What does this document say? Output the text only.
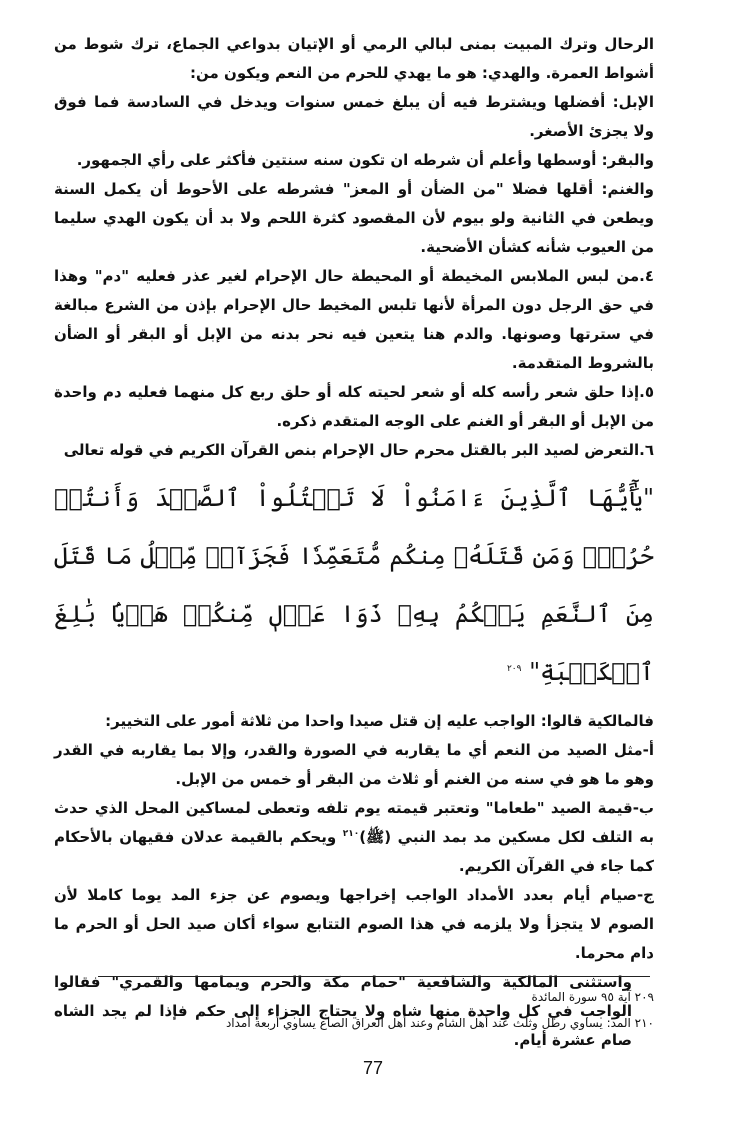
الرحال وترك المبيت بمنى لبالي الرمي أو الإتيان بدواعي الجماع، ترك شوط من أشواط العمرة. والهدي: هو ما يهدي للحرم من النعم ويكون من:

الإبل: أفضلها ويشترط فيه أن يبلغ خمس سنوات ويدخل في السادسة فما فوق ولا يجزئ الأصغر.

والبقر: أوسطها وأعلم أن شرطه ان تكون سنه سنتين فأكثر على رأي الجمهور.

والغنم: أقلها فضلا "من الضأن أو المعز" فشرطه على الأحوط أن يكمل السنة ويطعن في الثانية ولو بيوم لأن المقصود كثرة اللحم ولا بد أن يكون الهدي سليما من العيوب شأنه كشأن الأضحية.

٤.من لبس الملابس المخيطة أو المحيطة حال الإحرام لغير عذر فعليه "دم" وهذا في حق الرجل دون المرأة لأنها تلبس المخيط حال الإحرام بإذن من الشرع مبالغة في سترتها وصونها. والدم هنا يتعين فيه نحر بدنه من الإبل أو البقر أو الضأن بالشروط المتقدمة.

٥.إذا حلق شعر رأسه كله أو شعر لحيته كله أو حلق ربع كل منهما فعليه دم واحدة من الإبل أو البقر أو الغنم على الوجه المتقدم ذكره.

٦.التعرض لصيد البر بالقتل محرم حال الإحرام بنص القرآن الكريم في قوله تعالى

"يَٰٓأَيُّهَا ٱلَّذِينَ ءَامَنُواْ لَا تَقۡتُلُواْ ٱلصَّيۡدَ وَأَنتُمۡ حُرُمٞۚ وَمَن قَتَلَهُۥ مِنكُم مُّتَعَمِّدٗا فَجَزَآءٞ مِّثۡلُ مَا قَتَلَ مِنَ ٱلنَّعَمِ يَحۡكُمُ بِهِۦ ذَوَا عَدۡلٖ مِّنكُمۡ هَدۡيَۢا بَٰلِغَ ٱلۡكَعۡبَةِ" $^{٢٠٩}$

فالمالكية قالوا: الواجب عليه إن قتل صيدا واحدا من ثلاثة أمور على التخيير:

أ-مثل الصيد من النعم أي ما يقاربه في الصورة والقدر، وإلا بما يقاربه في القدر وهو ما هو في سنه من الغنم أو ثلاث من البقر أو خمس من الإبل.

ب-قيمة الصيد "طعاما" وتعتبر قيمته يوم تلفه وتعطى لمساكين المحل الذي حدث به التلف لكل مسكين مد بمد النبي (ﷺ)$^{٢١٠}$ ويحكم بالقيمة عدلان فقيهان بالأحكام كما جاء في القرآن الكريم.

ج-صيام أيام بعدد الأمداد الواجب إخراجها ويصوم عن جزء المد يوما كاملا لأن الصوم لا يتجزأ ولا يلزمه في هذا الصوم التتابع سواء أكان صيد الحل أو الحرم ما دام محرما.

واستثنى المالكية والشافعية "حمام مكة والحرم ويمامها والقمري" فقالوا الواجب في كل واحدة منها شاه ولا يحتاج الجزاء إلى حكم فإذا لم يجد الشاه صام عشرة أيام.

٢٠٩ آية ٩٥ سورة المائدة
٢١٠ المد: يساوي رطل وثلث عند أهل الشام وعند أهل العراق الصاع يساوي أربعة أمداد
77
